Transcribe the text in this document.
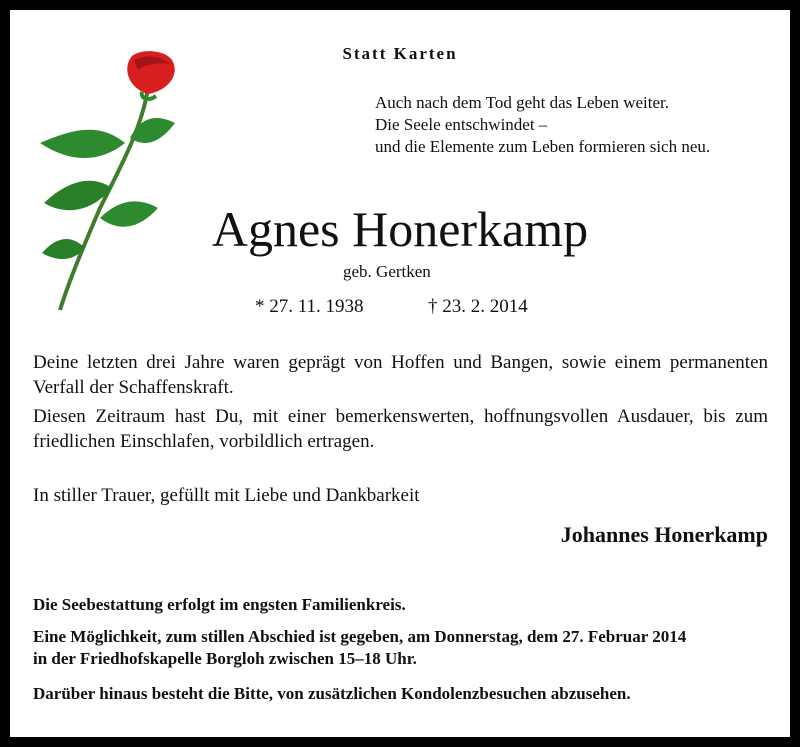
Statt Karten
Auch nach dem Tod geht das Leben weiter.
Die Seele entschwindet –
und die Elemente zum Leben formieren sich neu.
Agnes Honerkamp
geb. Gertken
* 27. 11. 1938	† 23. 2. 2014
Deine letzten drei Jahre waren geprägt von Hoffen und Bangen, sowie einem permanenten Verfall der Schaffenskraft.
Diesen Zeitraum hast Du, mit einer bemerkenswerten, hoffnungsvollen Ausdauer, bis zum friedlichen Einschlafen, vorbildlich ertragen.
In stiller Trauer, gefüllt mit Liebe und Dankbarkeit
Johannes Honerkamp
Die Seebestattung erfolgt im engsten Familienkreis.
Eine Möglichkeit, zum stillen Abschied ist gegeben, am Donnerstag, dem 27. Februar 2014
in der Friedhofskapelle Borgloh zwischen 15–18 Uhr.
Darüber hinaus besteht die Bitte, von zusätzlichen Kondolenzbesuchen abzusehen.
